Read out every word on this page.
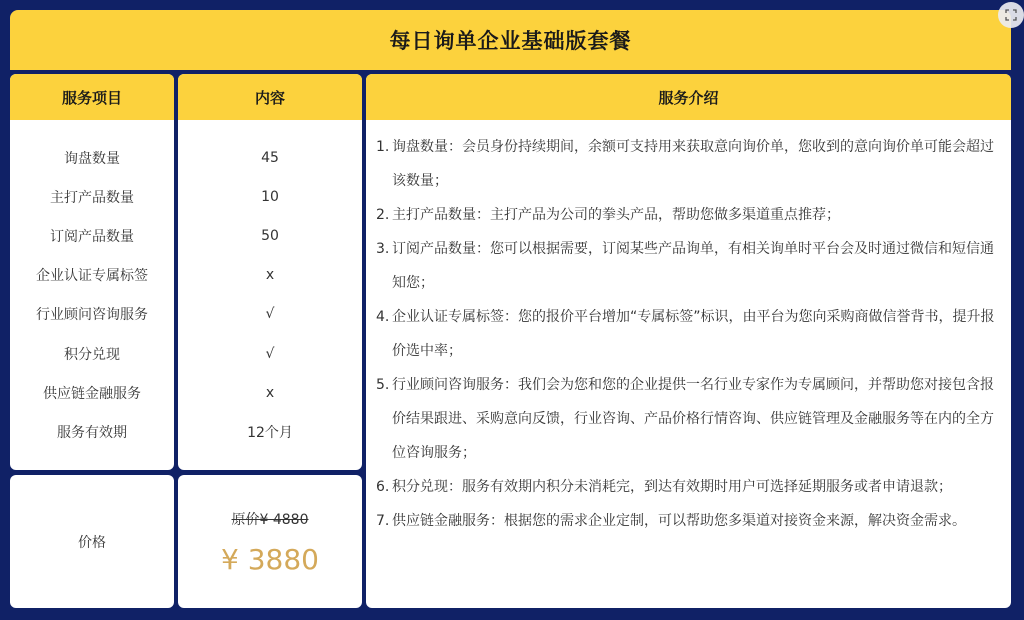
每日询单企业基础版套餐
服务项目
询盘数量
主打产品数量
订阅产品数量
企业认证专属标签
行业顾问咨询服务
积分兑现
供应链金融服务
服务有效期
内容
45
10
50
x
√
√
x
12个月
价格
原价¥ 4880
¥ 3880
服务介绍
1. 询盘数量：会员身份持续期间，余额可支持用来获取意向询价单，您收到的意向询价单可能会超过该数量；
2. 主打产品数量：主打产品为公司的拳头产品，帮助您做多渠道重点推荐；
3. 订阅产品数量：您可以根据需要，订阅某些产品询单，有相关询单时平台会及时通过微信和短信通知您；
4. 企业认证专属标签：您的报价平台增加“专属标签”标识，由平台为您向采购商做信誉背书，提升报价选中率；
5. 行业顾问咨询服务：我们会为您和您的企业提供一名行业专家作为专属顾问，并帮助您对接包含报价结果跟进、采购意向反馈，行业咨询、产品价格行情咨询、供应链管理及金融服务等在内的全方位咨询服务；
6. 积分兑现：服务有效期内积分未消耗完，到达有效期时用户可选择延期服务或者申请退款；
7. 供应链金融服务：根据您的需求企业定制，可以帮助您多渠道对接资金来源，解决资金需求。
